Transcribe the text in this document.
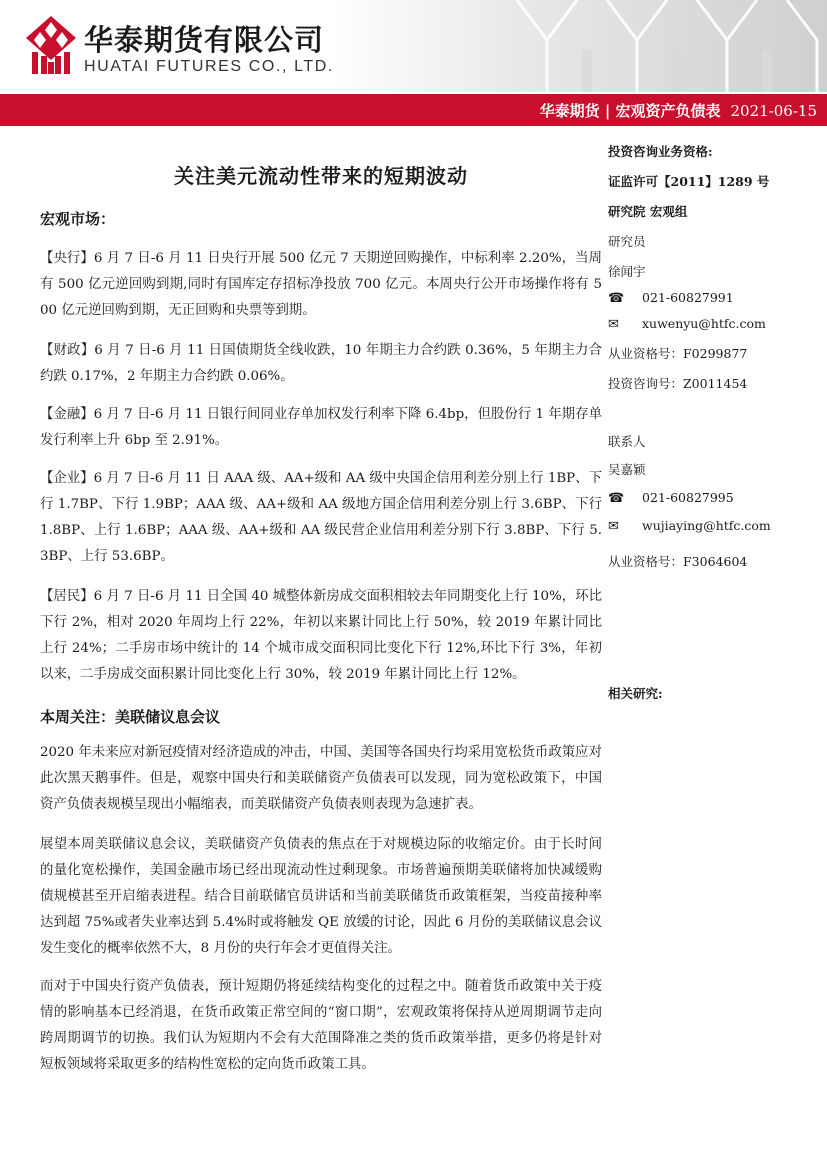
华泰期货有限公司
HUATAI FUTURES CO., LTD.
华泰期货 | 宏观资产负债表 2021-06-15
关注美元流动性带来的短期波动
宏观市场：

【央行】6 月 7 日-6 月 11 日央行开展 500 亿元 7 天期逆回购操作，中标利率 2.20%，当周有 500 亿元逆回购到期,同时有国库定存招标净投放 700 亿元。本周央行公开市场操作将有 500 亿元逆回购到期，无正回购和央票等到期。

【财政】6 月 7 日-6 月 11 日国债期货全线收跌，10 年期主力合约跌 0.36%，5 年期主力合约跌 0.17%，2 年期主力合约跌 0.06%。

【金融】6 月 7 日-6 月 11 日银行间同业存单加权发行利率下降 6.4bp，但股份行 1 年期存单发行利率上升 6bp 至 2.91%。

【企业】6 月 7 日-6 月 11 日 AAA 级、AA+级和 AA 级中央国企信用利差分别上行 1BP、下行 1.7BP、下行 1.9BP；AAA 级、AA+级和 AA 级地方国企信用利差分别上行 3.6BP、下行 1.8BP、上行 1.6BP；AAA 级、AA+级和 AA 级民营企业信用利差分别下行 3.8BP、下行 5.3BP、上行 53.6BP。

【居民】6 月 7 日-6 月 11 日全国 40 城整体新房成交面积相较去年同期变化上行 10%，环比下行 2%，相对 2020 年周均上行 22%，年初以来累计同比上行 50%，较 2019 年累计同比上行 24%；二手房市场中统计的 14 个城市成交面积同比变化下行 12%,环比下行 3%，年初以来，二手房成交面积累计同比变化上行 30%，较 2019 年累计同比上行 12%。

本周关注：美联储议息会议

2020 年未来应对新冠疫情对经济造成的冲击，中国、美国等各国央行均采用宽松货币政策应对此次黑天鹅事件。但是，观察中国央行和美联储资产负债表可以发现，同为宽松政策下，中国资产负债表规模呈现出小幅缩表，而美联储资产负债表则表现为急速扩表。

展望本周美联储议息会议，美联储资产负债表的焦点在于对规模边际的收缩定价。由于长时间的量化宽松操作，美国金融市场已经出现流动性过剩现象。市场普遍预期美联储将加快减缓购债规模甚至开启缩表进程。结合目前联储官员讲话和当前美联储货币政策框架，当疫苗接种率达到超 75%或者失业率达到 5.4%时或将触发 QE 放缓的讨论，因此 6 月份的美联储议息会议发生变化的概率依然不大，8 月份的央行年会才更值得关注。

而对于中国央行资产负债表，预计短期仍将延续结构变化的过程之中。随着货币政策中关于疫情的影响基本已经消退，在货币政策正常空间的“窗口期”，宏观政策将保持从逆周期调节走向跨周期调节的切换。我们认为短期内不会有大范围降准之类的货币政策举措，更多仍将是针对短板领域将采取更多的结构性宽松的定向货币政策工具。

投资咨询业务资格:
证监许可【2011】1289 号
研究院 宏观组
研究员
徐闻宇
☎ 021-60827991
✉ xuwenyu@htfc.com
从业资格号：F0299877
投资咨询号：Z0011454
联系人
吴嘉颖
☎ 021-60827995
✉ wujiaying@htfc.com
从业资格号：F3064604
相关研究:
